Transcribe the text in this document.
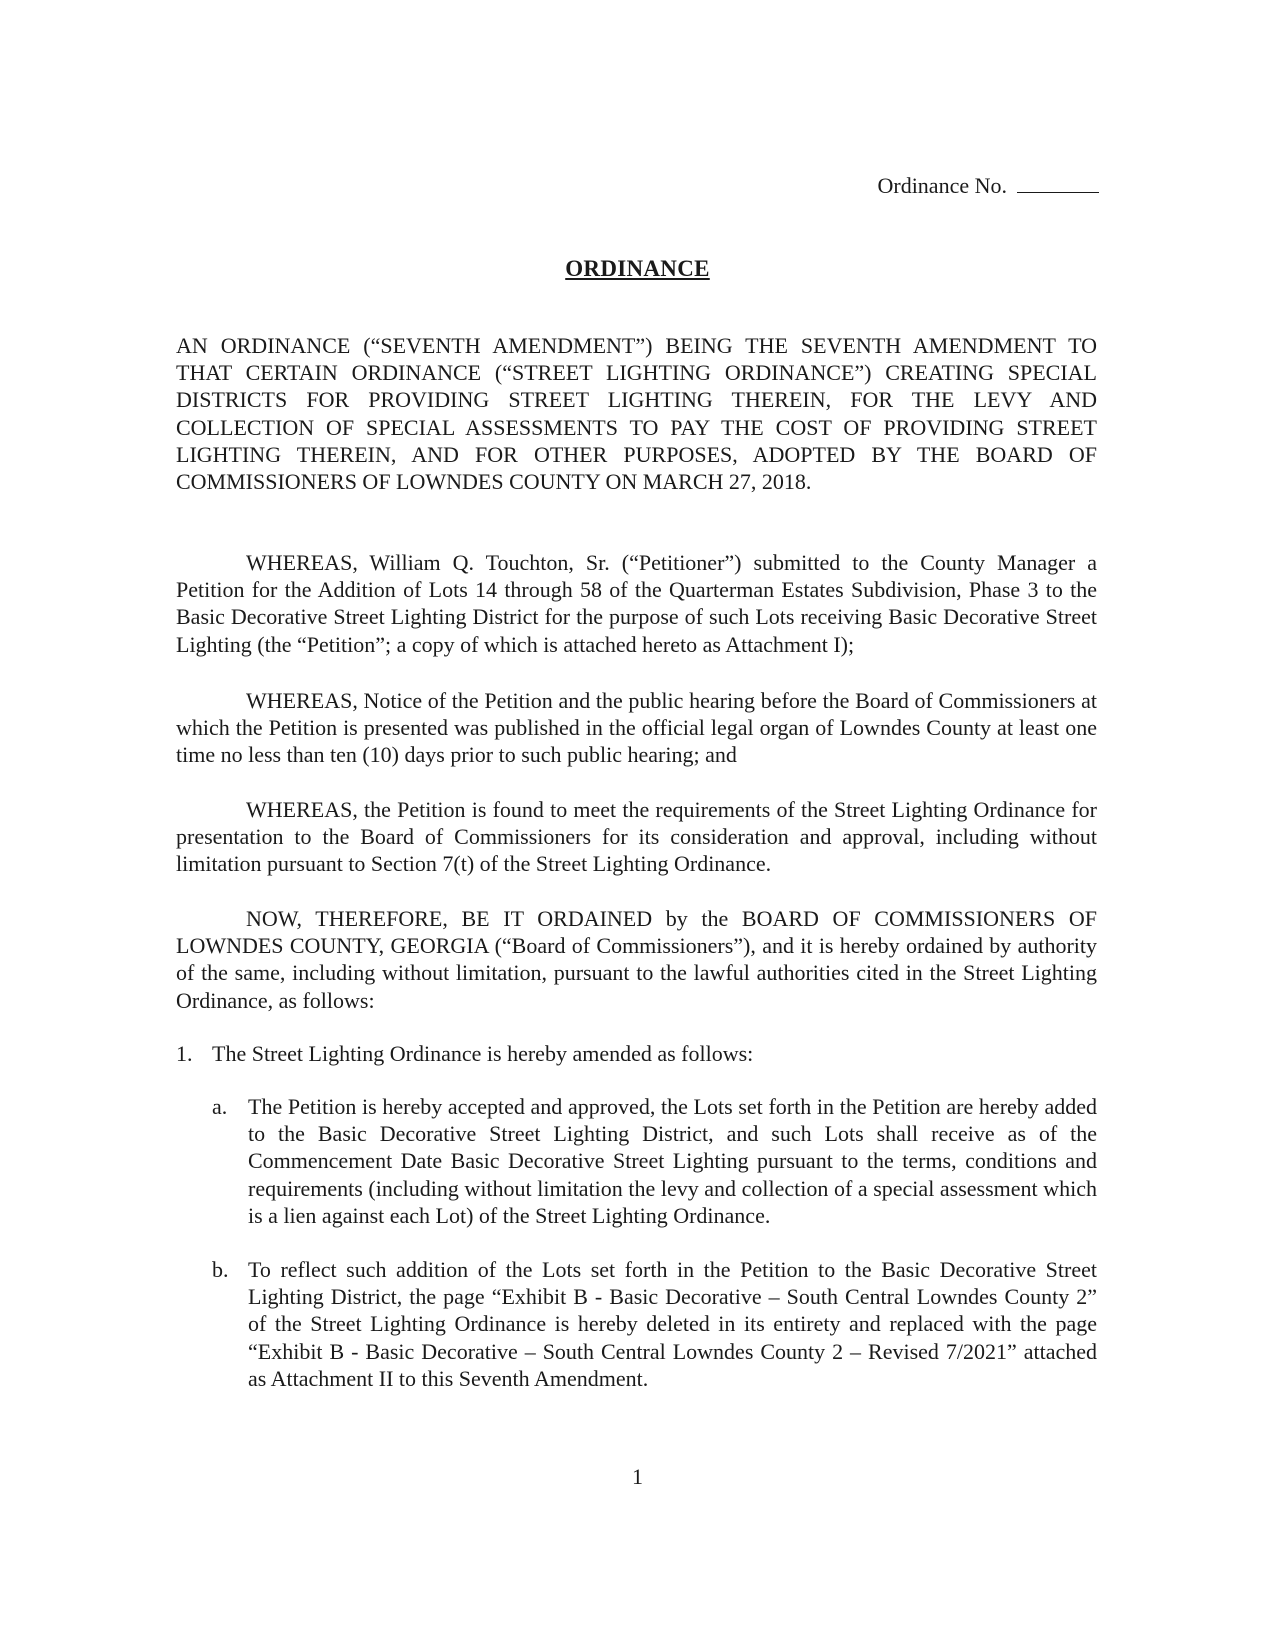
Ordinance No.
ORDINANCE
AN ORDINANCE (“SEVENTH AMENDMENT”) BEING THE SEVENTH AMENDMENT TO THAT CERTAIN ORDINANCE (“STREET LIGHTING ORDINANCE”) CREATING SPECIAL DISTRICTS FOR PROVIDING STREET LIGHTING THEREIN, FOR THE LEVY AND COLLECTION OF SPECIAL ASSESSMENTS TO PAY THE COST OF PROVIDING STREET LIGHTING THEREIN, AND FOR OTHER PURPOSES, ADOPTED BY THE BOARD OF COMMISSIONERS OF LOWNDES COUNTY ON MARCH 27, 2018.
WHEREAS, William Q. Touchton, Sr. (“Petitioner”) submitted to the County Manager a Petition for the Addition of Lots 14 through 58 of the Quarterman Estates Subdivision, Phase 3 to the Basic Decorative Street Lighting District for the purpose of such Lots receiving Basic Decorative Street Lighting (the “Petition”; a copy of which is attached hereto as Attachment I);
WHEREAS, Notice of the Petition and the public hearing before the Board of Commissioners at which the Petition is presented was published in the official legal organ of Lowndes County at least one time no less than ten (10) days prior to such public hearing; and
WHEREAS, the Petition is found to meet the requirements of the Street Lighting Ordinance for presentation to the Board of Commissioners for its consideration and approval, including without limitation pursuant to Section 7(t) of the Street Lighting Ordinance.
NOW, THEREFORE, BE IT ORDAINED by the BOARD OF COMMISSIONERS OF LOWNDES COUNTY, GEORGIA (“Board of Commissioners”), and it is hereby ordained by authority of the same, including without limitation, pursuant to the lawful authorities cited in the Street Lighting Ordinance, as follows:
1. The Street Lighting Ordinance is hereby amended as follows:
a. The Petition is hereby accepted and approved, the Lots set forth in the Petition are hereby added to the Basic Decorative Street Lighting District, and such Lots shall receive as of the Commencement Date Basic Decorative Street Lighting pursuant to the terms, conditions and requirements (including without limitation the levy and collection of a special assessment which is a lien against each Lot) of the Street Lighting Ordinance.
b. To reflect such addition of the Lots set forth in the Petition to the Basic Decorative Street Lighting District, the page “Exhibit B - Basic Decorative – South Central Lowndes County 2” of the Street Lighting Ordinance is hereby deleted in its entirety and replaced with the page “Exhibit B - Basic Decorative – South Central Lowndes County 2 – Revised 7/2021” attached as Attachment II to this Seventh Amendment.
1
